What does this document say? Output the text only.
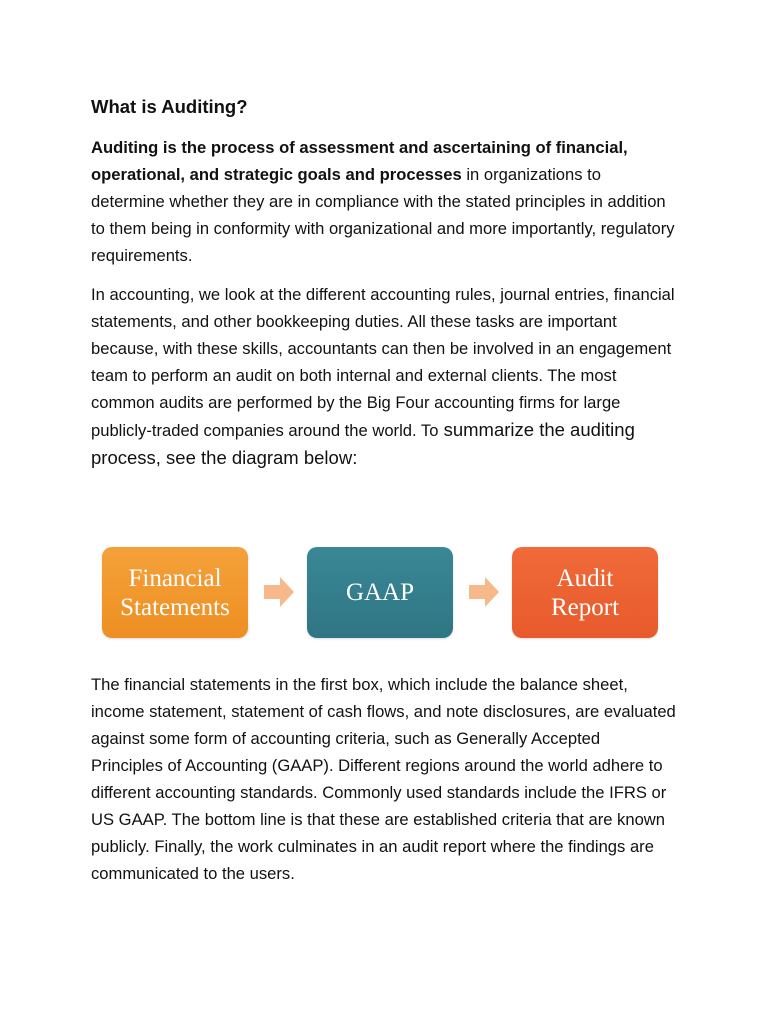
What is Auditing?
Auditing is the process of assessment and ascertaining of financial, operational, and strategic goals and processes in organizations to determine whether they are in compliance with the stated principles in addition to them being in conformity with organizational and more importantly, regulatory requirements.
In accounting, we look at the different accounting rules, journal entries, financial statements, and other bookkeeping duties. All these tasks are important because, with these skills, accountants can then be involved in an engagement team to perform an audit on both internal and external clients. The most common audits are performed by the Big Four accounting firms for large publicly-traded companies around the world. To summarize the auditing process, see the diagram below:
Financial
Statements
GAAP
Audit
Report
The financial statements in the first box, which include the balance sheet, income statement, statement of cash flows, and note disclosures, are evaluated against some form of accounting criteria, such as Generally Accepted Principles of Accounting (GAAP). Different regions around the world adhere to different accounting standards. Commonly used standards include the IFRS or US GAAP. The bottom line is that these are established criteria that are known publicly. Finally, the work culminates in an audit report where the findings are communicated to the users.
